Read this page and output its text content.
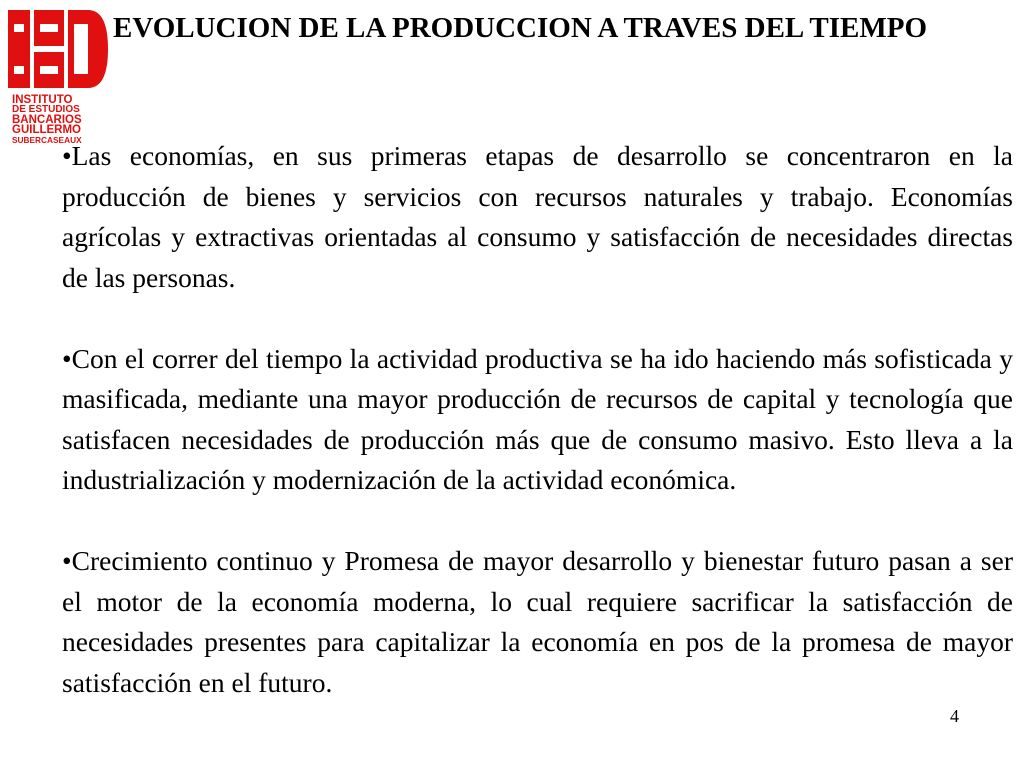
INSTITUTO
DE ESTUDIOS
BANCARIOS
GUILLERMO
SUBERCASEAUX
EVOLUCION DE LA PRODUCCION A TRAVES DEL TIEMPO

•Las economías, en sus primeras etapas de desarrollo se concentraron en la producción de bienes y servicios con recursos naturales y trabajo. Economías agrícolas y extractivas orientadas al consumo y satisfacción de necesidades directas de las personas.

•Con el correr del tiempo la actividad productiva se ha ido haciendo más sofisticada y masificada, mediante una mayor producción de recursos de capital y tecnología que satisfacen necesidades de producción más que de consumo masivo. Esto lleva a la industrialización y modernización de la actividad económica.

•Crecimiento continuo y Promesa de mayor desarrollo y bienestar futuro pasan a ser el motor de la economía moderna, lo cual requiere sacrificar la satisfacción de necesidades presentes para capitalizar la economía en pos de la promesa de mayor satisfacción en el futuro.

4
